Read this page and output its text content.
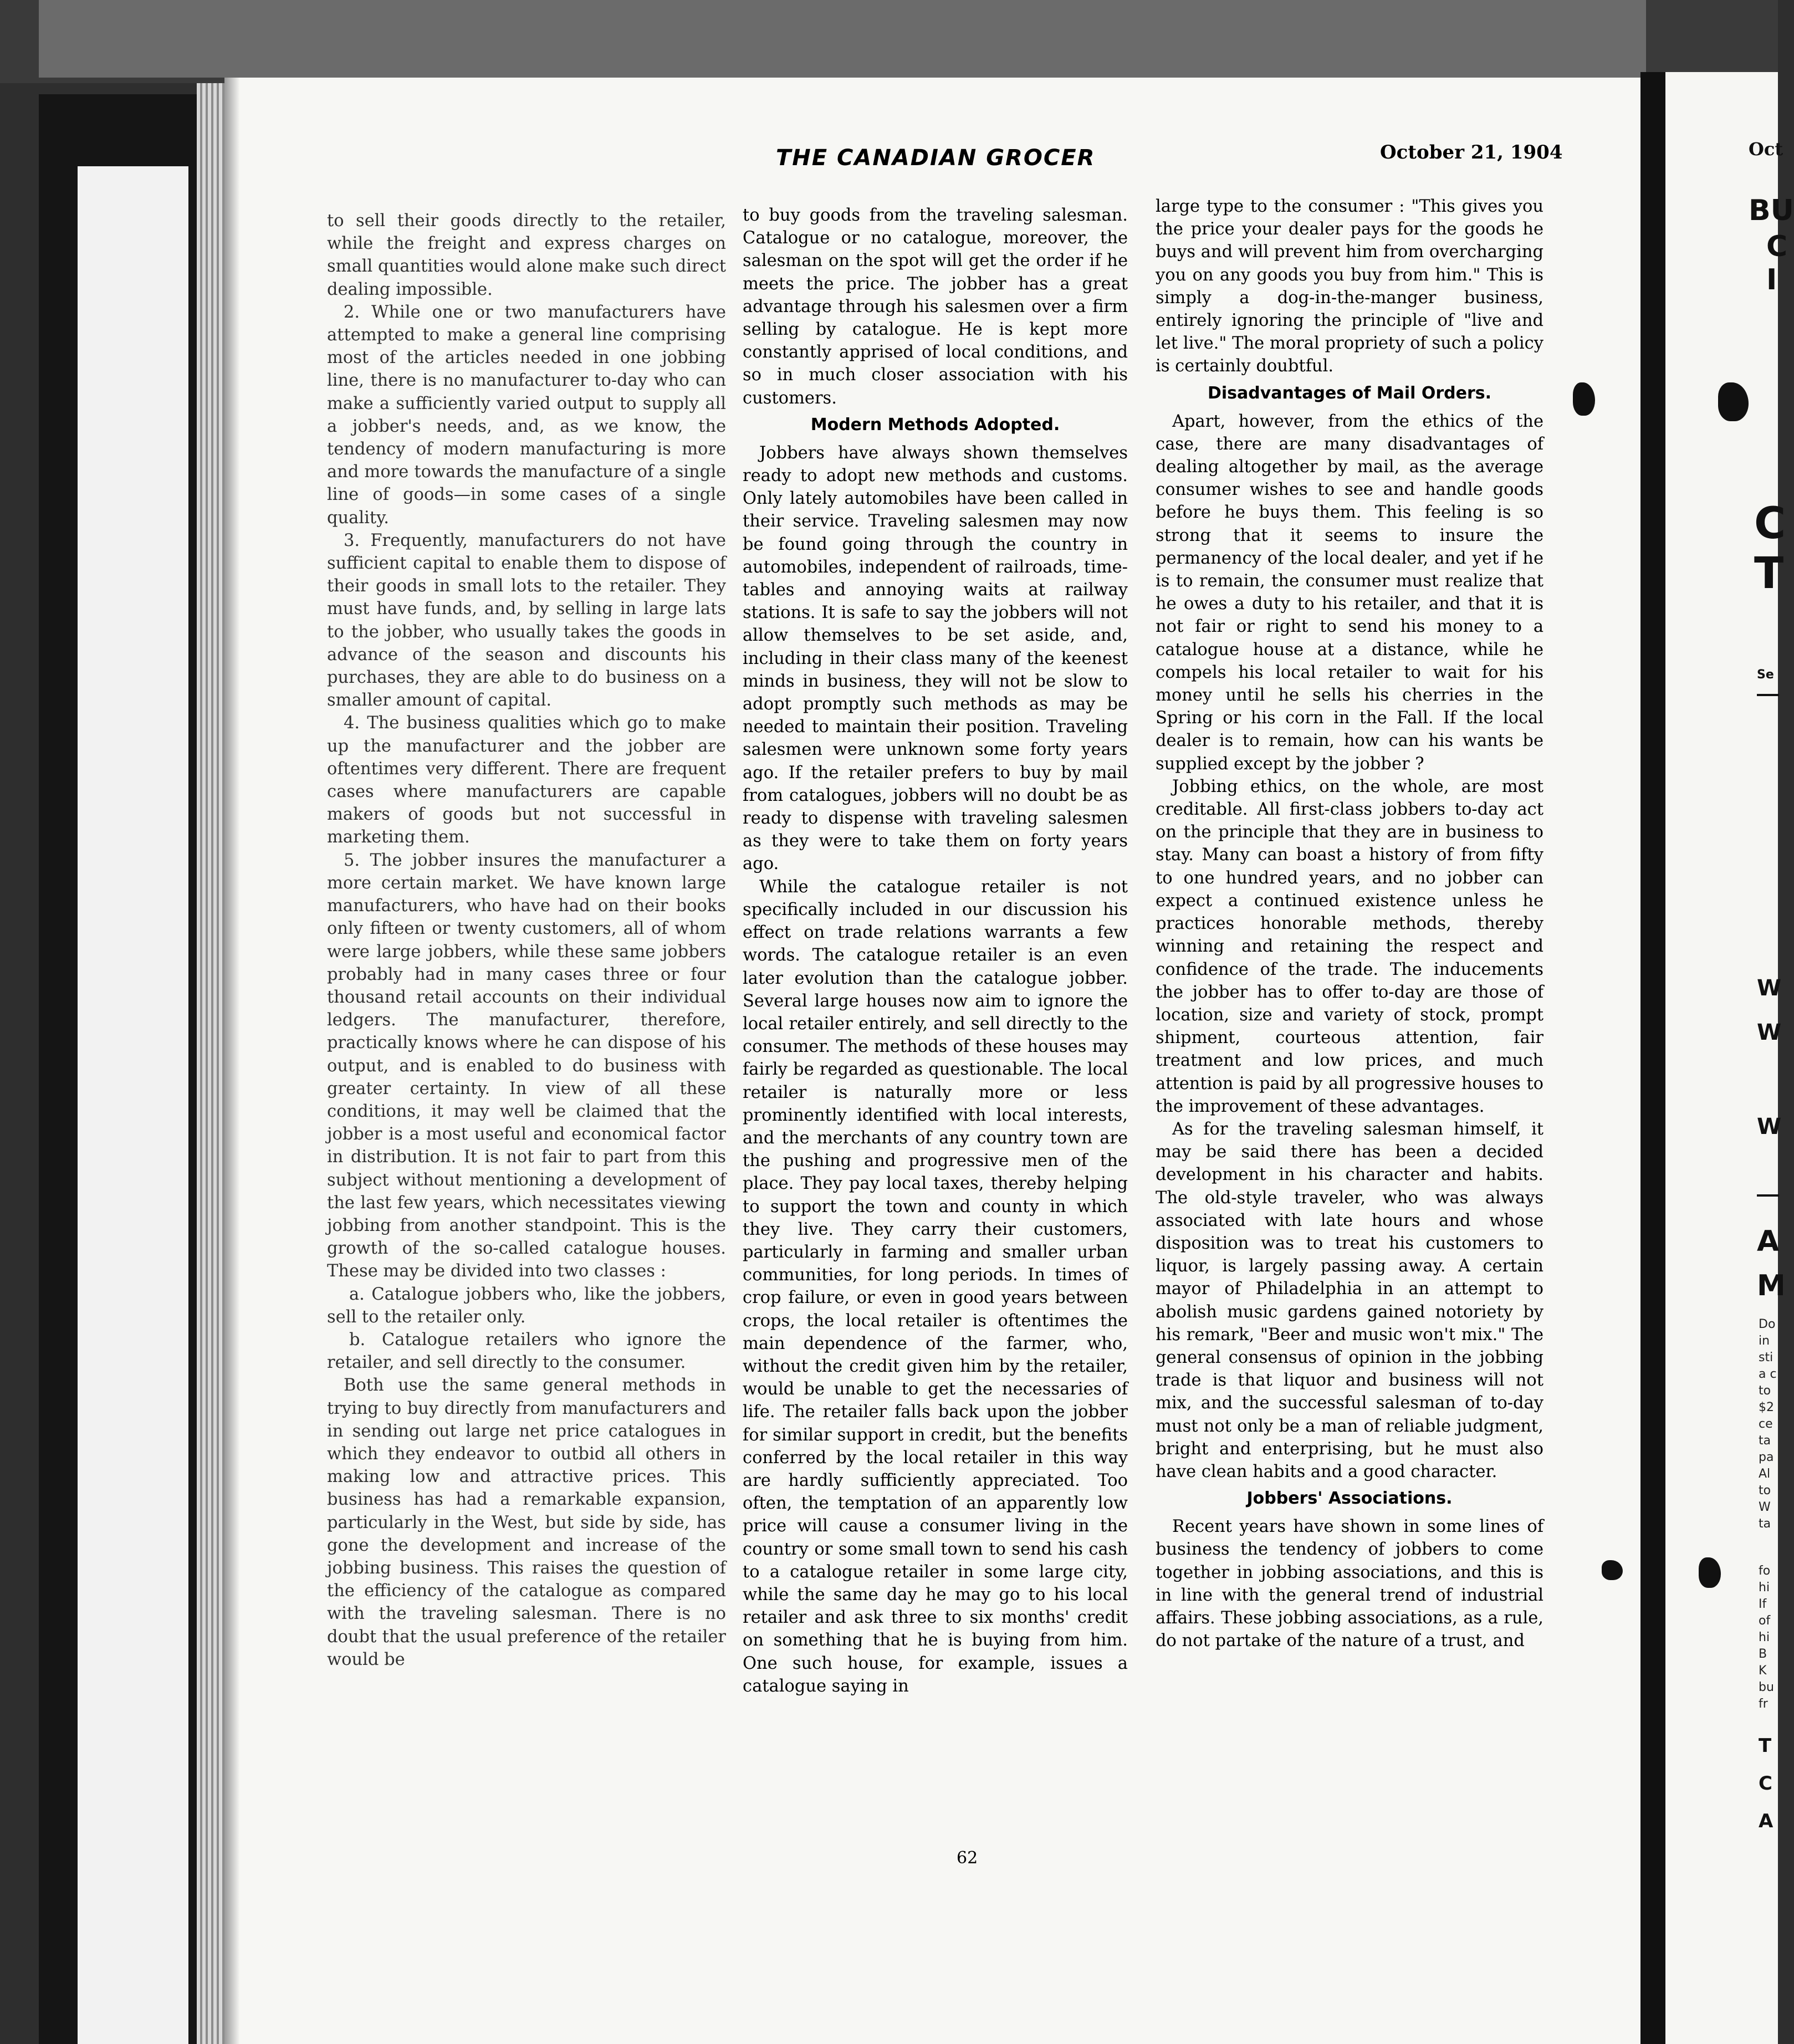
THE CANADIAN GROCER	October 21, 1904

to sell their goods directly to the retailer, while the freight and express charges on small quantities would alone make such direct dealing impossible.

2. While one or two manufacturers have attempted to make a general line comprising most of the articles needed in one jobbing line, there is no manufacturer to-day who can make a sufficiently varied output to supply all a jobber's needs, and, as we know, the tendency of modern manufacturing is more and more towards the manufacture of a single line of goods—in some cases of a single quality.

3. Frequently, manufacturers do not have sufficient capital to enable them to dispose of their goods in small lots to the retailer. They must have funds, and, by selling in large lats to the jobber, who usually takes the goods in advance of the season and discounts his purchases, they are able to do business on a smaller amount of capital.

4. The business qualities which go to make up the manufacturer and the jobber are oftentimes very different. There are frequent cases where manufacturers are capable makers of goods but not successful in marketing them.

5. The jobber insures the manufacturer a more certain market. We have known large manufacturers, who have had on their books only fifteen or twenty customers, all of whom were large jobbers, while these same jobbers probably had in many cases three or four thousand retail accounts on their individual ledgers. The manufacturer, therefore, practically knows where he can dispose of his output, and is enabled to do business with greater certainty. In view of all these conditions, it may well be claimed that the jobber is a most useful and economical factor in distribution. It is not fair to part from this subject without mentioning a development of the last few years, which necessitates viewing jobbing from another standpoint. This is the growth of the so-called catalogue houses. These may be divided into two classes :

a. Catalogue jobbers who, like the jobbers, sell to the retailer only.

b. Catalogue retailers who ignore the retailer, and sell directly to the consumer.

Both use the same general methods in trying to buy directly from manufacturers and in sending out large net price catalogues in which they endeavor to outbid all others in making low and attractive prices. This business has had a remarkable expansion, particularly in the West, but side by side, has gone the development and increase of the jobbing business. This raises the question of the efficiency of the catalogue as compared with the traveling salesman. There is no doubt that the usual preference of the retailer would be

to buy goods from the traveling salesman. Catalogue or no catalogue, moreover, the salesman on the spot will get the order if he meets the price. The jobber has a great advantage through his salesmen over a firm selling by catalogue. He is kept more constantly apprised of local conditions, and so in much closer association with his customers.

Modern Methods Adopted.

Jobbers have always shown themselves ready to adopt new methods and customs. Only lately automobiles have been called in their service. Traveling salesmen may now be found going through the country in automobiles, independent of railroads, time-tables and annoying waits at railway stations. It is safe to say the jobbers will not allow themselves to be set aside, and, including in their class many of the keenest minds in business, they will not be slow to adopt promptly such methods as may be needed to maintain their position. Traveling salesmen were unknown some forty years ago. If the retailer prefers to buy by mail from catalogues, jobbers will no doubt be as ready to dispense with traveling salesmen as they were to take them on forty years ago.

While the catalogue retailer is not specifically included in our discussion his effect on trade relations warrants a few words. The catalogue retailer is an even later evolution than the catalogue jobber. Several large houses now aim to ignore the local retailer entirely, and sell directly to the consumer. The methods of these houses may fairly be regarded as questionable. The local retailer is naturally more or less prominently identified with local interests, and the merchants of any country town are the pushing and progressive men of the place. They pay local taxes, thereby helping to support the town and county in which they live. They carry their customers, particularly in farming and smaller urban communities, for long periods. In times of crop failure, or even in good years between crops, the local retailer is oftentimes the main dependence of the farmer, who, without the credit given him by the retailer, would be unable to get the necessaries of life. The retailer falls back upon the jobber for similar support in credit, but the benefits conferred by the local retailer in this way are hardly sufficiently appreciated. Too often, the temptation of an apparently low price will cause a consumer living in the country or some small town to send his cash to a catalogue retailer in some large city, while the same day he may go to his local retailer and ask three to six months' credit on something that he is buying from him. One such house, for example, issues a catalogue saying in

large type to the consumer : "This gives you the price your dealer pays for the goods he buys and will prevent him from overcharging you on any goods you buy from him." This is simply a dog-in-the-manger business, entirely ignoring the principle of "live and let live." The moral propriety of such a policy is certainly doubtful.

Disadvantages of Mail Orders.

Apart, however, from the ethics of the case, there are many disadvantages of dealing altogether by mail, as the average consumer wishes to see and handle goods before he buys them. This feeling is so strong that it seems to insure the permanency of the local dealer, and yet if he is to remain, the consumer must realize that he owes a duty to his retailer, and that it is not fair or right to send his money to a catalogue house at a distance, while he compels his local retailer to wait for his money until he sells his cherries in the Spring or his corn in the Fall. If the local dealer is to remain, how can his wants be supplied except by the jobber ?

Jobbing ethics, on the whole, are most creditable. All first-class jobbers to-day act on the principle that they are in business to stay. Many can boast a history of from fifty to one hundred years, and no jobber can expect a continued existence unless he practices honorable methods, thereby winning and retaining the respect and confidence of the trade. The inducements the jobber has to offer to-day are those of location, size and variety of stock, prompt shipment, courteous attention, fair treatment and low prices, and much attention is paid by all progressive houses to the improvement of these advantages.

As for the traveling salesman himself, it may be said there has been a decided development in his character and habits. The old-style traveler, who was always associated with late hours and whose disposition was to treat his customers to liquor, is largely passing away. A certain mayor of Philadelphia in an attempt to abolish music gardens gained notoriety by his remark, "Beer and music won't mix." The general consensus of opinion in the jobbing trade is that liquor and business will not mix, and the successful salesman of to-day must not only be a man of reliable judgment, bright and enterprising, but he must also have clean habits and a good character.

Jobbers' Associations.

Recent years have shown in some lines of business the tendency of jobbers to come together in jobbing associations, and this is in line with the general trend of industrial affairs. These jobbing associations, as a rule, do not partake of the nature of a trust, and

62
Oct
BU
C
I
C
T
Se
W
W
W
A
M
Do
in
sti
a c
to
$2
ce
ta
pa
Al
to
W
ta
fo
hi
If
of
hi
B
K
bu
fr
T
C
A
